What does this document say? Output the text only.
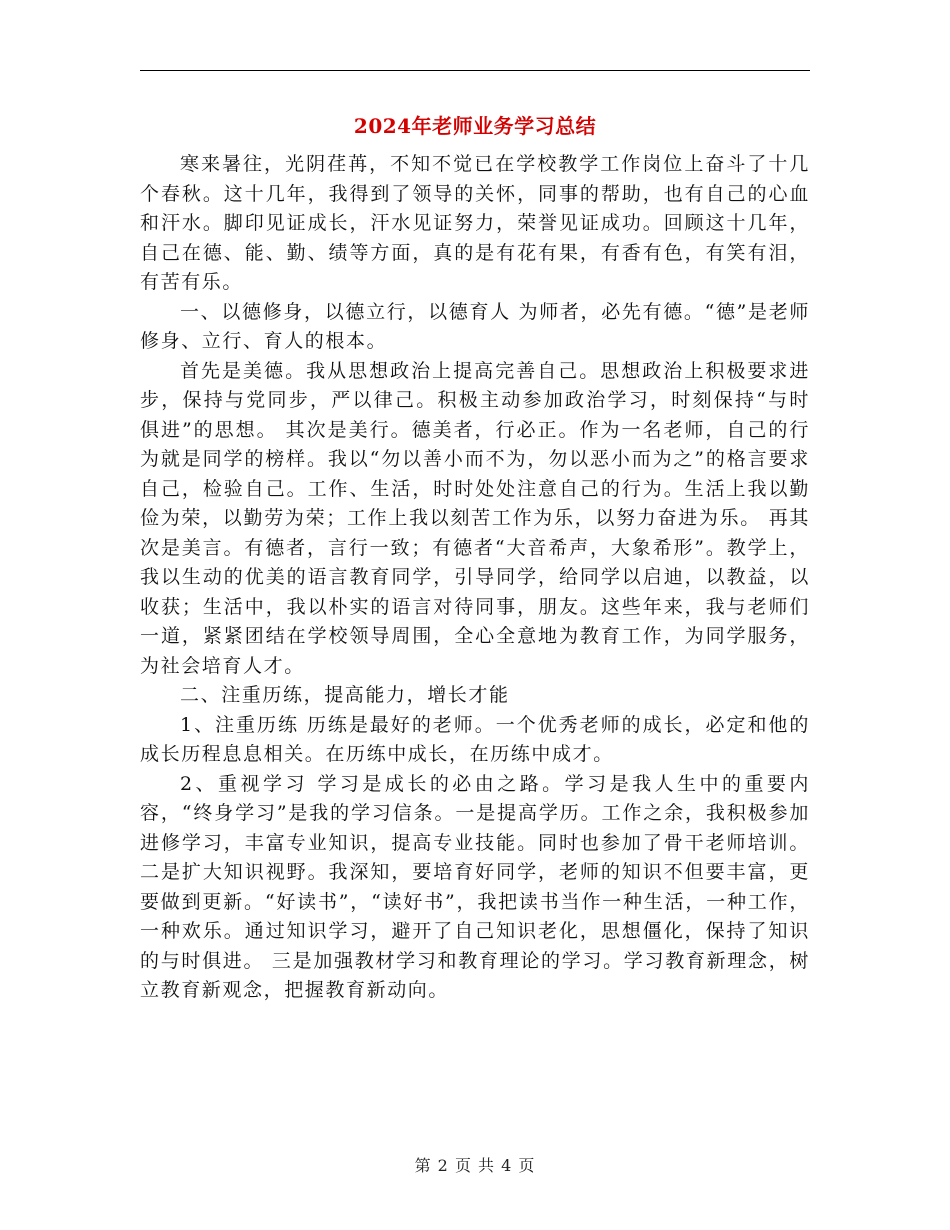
2024年老师业务学习总结

寒来暑往，光阴荏苒，不知不觉已在学校教学工作岗位上奋斗了十几个春秋。这十几年，我得到了领导的关怀，同事的帮助，也有自己的心血和汗水。脚印见证成长，汗水见证努力，荣誉见证成功。回顾这十几年，自己在德、能、勤、绩等方面，真的是有花有果，有香有色，有笑有泪，有苦有乐。

一、以德修身，以德立行，以德育人 为师者，必先有德。“德”是老师修身、立行、育人的根本。

首先是美德。我从思想政治上提高完善自己。思想政治上积极要求进步，保持与党同步，严以律己。积极主动参加政治学习，时刻保持“与时俱进”的思想。 其次是美行。德美者，行必正。作为一名老师，自己的行为就是同学的榜样。我以“勿以善小而不为，勿以恶小而为之”的格言要求自己，检验自己。工作、生活，时时处处注意自己的行为。生活上我以勤俭为荣，以勤劳为荣；工作上我以刻苦工作为乐，以努力奋进为乐。 再其次是美言。有德者，言行一致；有德者“大音希声，大象希形”。教学上，我以生动的优美的语言教育同学，引导同学，给同学以启迪，以教益，以收获；生活中，我以朴实的语言对待同事，朋友。这些年来，我与老师们一道，紧紧团结在学校领导周围，全心全意地为教育工作，为同学服务，为社会培育人才。

二、注重历练，提高能力，增长才能

1、注重历练 历练是最好的老师。一个优秀老师的成长，必定和他的成长历程息息相关。在历练中成长，在历练中成才。

2、重视学习 学习是成长的必由之路。学习是我人生中的重要内容，“终身学习”是我的学习信条。一是提高学历。工作之余，我积极参加进修学习，丰富专业知识，提高专业技能。同时也参加了骨干老师培训。 二是扩大知识视野。我深知，要培育好同学，老师的知识不但要丰富，更要做到更新。“好读书”，“读好书”，我把读书当作一种生活，一种工作，一种欢乐。通过知识学习，避开了自己知识老化，思想僵化，保持了知识的与时俱进。 三是加强教材学习和教育理论的学习。学习教育新理念，树立教育新观念，把握教育新动向。

第 2 页 共 4 页
